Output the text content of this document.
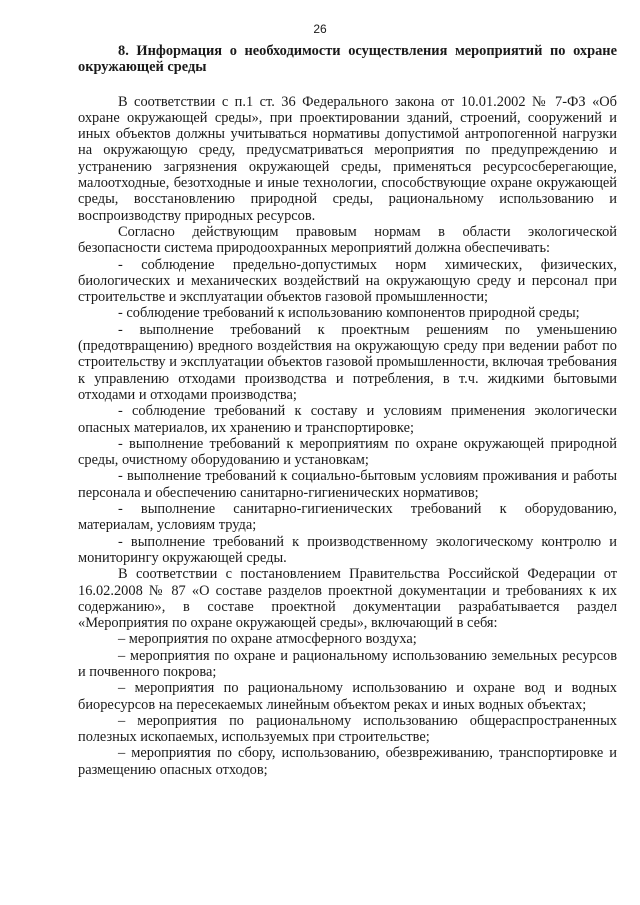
26
8. Информация о необходимости осуществления мероприятий по охране окружающей среды

В соответствии с п.1 ст. 36 Федерального закона от 10.01.2002 № 7-ФЗ «Об охране окружающей среды», при проектировании зданий, строений, сооружений и иных объектов должны учитываться нормативы допустимой антропогенной нагрузки на окружающую среду, предусматриваться мероприятия по предупреждению и устранению загрязнения окружающей среды, применяться ресурсосберегающие, малоотходные, безотходные и иные технологии, способствующие охране окружающей среды, восстановлению природной среды, рациональному использованию и воспроизводству природных ресурсов.

Согласно действующим правовым нормам в области экологической безопасности система природоохранных мероприятий должна обеспечивать:

- соблюдение предельно-допустимых норм химических, физических, биологических и механических воздействий на окружающую среду и персонал при строительстве и эксплуатации объектов газовой промышленности;

- соблюдение требований к использованию компонентов природной среды;

- выполнение требований к проектным решениям по уменьшению (предотвращению) вредного воздействия на окружающую среду при ведении работ по строительству и эксплуатации объектов газовой промышленности, включая требования к управлению отходами производства и потребления, в т.ч. жидкими бытовыми отходами и отходами производства;

- соблюдение требований к составу и условиям применения экологически опасных материалов, их хранению и транспортировке;

- выполнение требований к мероприятиям по охране окружающей природной среды, очистному оборудованию и установкам;

- выполнение требований к социально-бытовым условиям проживания и работы персонала и обеспечению санитарно-гигиенических нормативов;

- выполнение санитарно-гигиенических требований к оборудованию, материалам, условиям труда;

- выполнение требований к производственному экологическому контролю и мониторингу окружающей среды.

В соответствии с постановлением Правительства Российской Федерации от 16.02.2008 № 87 «О составе разделов проектной документации и требованиях к их содержанию», в составе проектной документации разрабатывается раздел «Мероприятия по охране окружающей среды», включающий в себя:

– мероприятия по охране атмосферного воздуха;

– мероприятия по охране и рациональному использованию земельных ресурсов и почвенного покрова;

– мероприятия по рациональному использованию и охране вод и водных биоресурсов на пересекаемых линейным объектом реках и иных водных объектах;

– мероприятия по рациональному использованию общераспространенных полезных ископаемых, используемых при строительстве;

– мероприятия по сбору, использованию, обезвреживанию, транспортировке и размещению опасных отходов;
